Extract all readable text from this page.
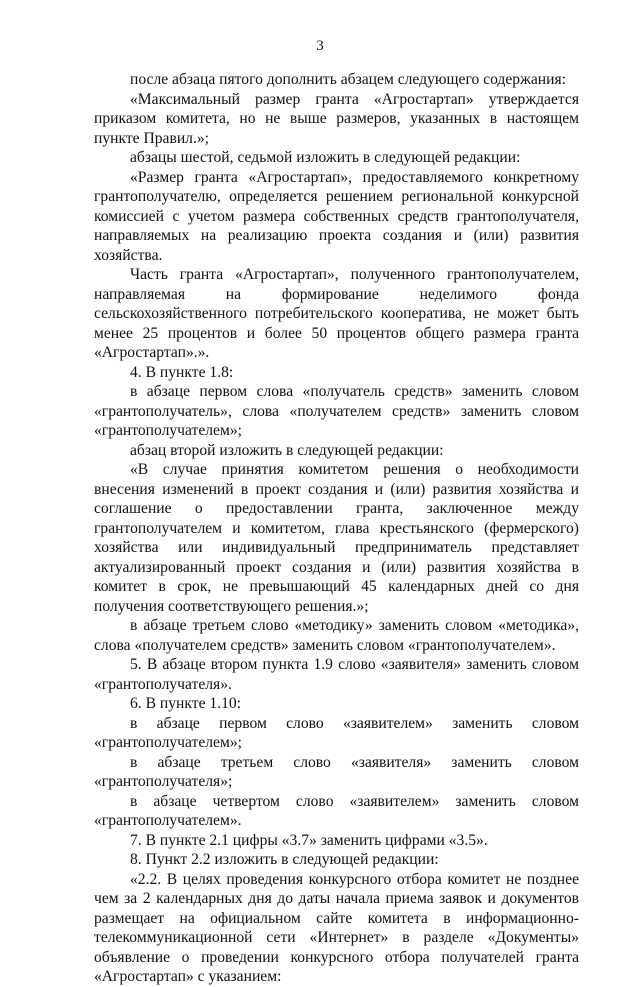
3

после абзаца пятого дополнить абзацем следующего содержания:

«Максимальный размер гранта «Агростартап» утверждается приказом комитета, но не выше размеров, указанных в настоящем пункте Правил.»;

абзацы шестой, седьмой изложить в следующей редакции:

«Размер гранта «Агростартап», предоставляемого конкретному грантополучателю, определяется решением региональной конкурсной комиссией с учетом размера собственных средств грантополучателя, направляемых на реализацию проекта создания и (или) развития хозяйства.

Часть гранта «Агростартап», полученного грантополучателем, направляемая на формирование неделимого фонда сельскохозяйственного потребительского кооператива, не может быть менее 25 процентов и более 50 процентов общего размера гранта «Агростартап».».

4. В пункте 1.8:

в абзаце первом слова «получатель средств» заменить словом «грантополучатель», слова «получателем средств» заменить словом «грантополучателем»;

абзац второй изложить в следующей редакции:

«В случае принятия комитетом решения о необходимости внесения изменений в проект создания и (или) развития хозяйства и соглашение о предоставлении гранта, заключенное между грантополучателем и комитетом, глава крестьянского (фермерского) хозяйства или индивидуальный предприниматель представляет актуализированный проект создания и (или) развития хозяйства в комитет в срок, не превышающий 45 календарных дней со дня получения соответствующего решения.»;

в абзаце третьем слово «методику» заменить словом «методика», слова «получателем средств» заменить словом «грантополучателем».

5. В абзаце втором пункта 1.9 слово «заявителя» заменить словом «грантополучателя».

6. В пункте 1.10:

в абзаце первом слово «заявителем» заменить словом «грантополучателем»;

в абзаце третьем слово «заявителя» заменить словом «грантополучателя»;

в абзаце четвертом слово «заявителем» заменить словом «грантополучателем».

7. В пункте 2.1 цифры «3.7» заменить цифрами «3.5».

8. Пункт 2.2 изложить в следующей редакции:

«2.2. В целях проведения конкурсного отбора комитет не позднее чем за 2 календарных дня до даты начала приема заявок и документов размещает на официальном сайте комитета в информационно-телекоммуникационной сети «Интернет» в разделе «Документы» объявление о проведении конкурсного отбора получателей гранта «Агростартап» с указанием:
